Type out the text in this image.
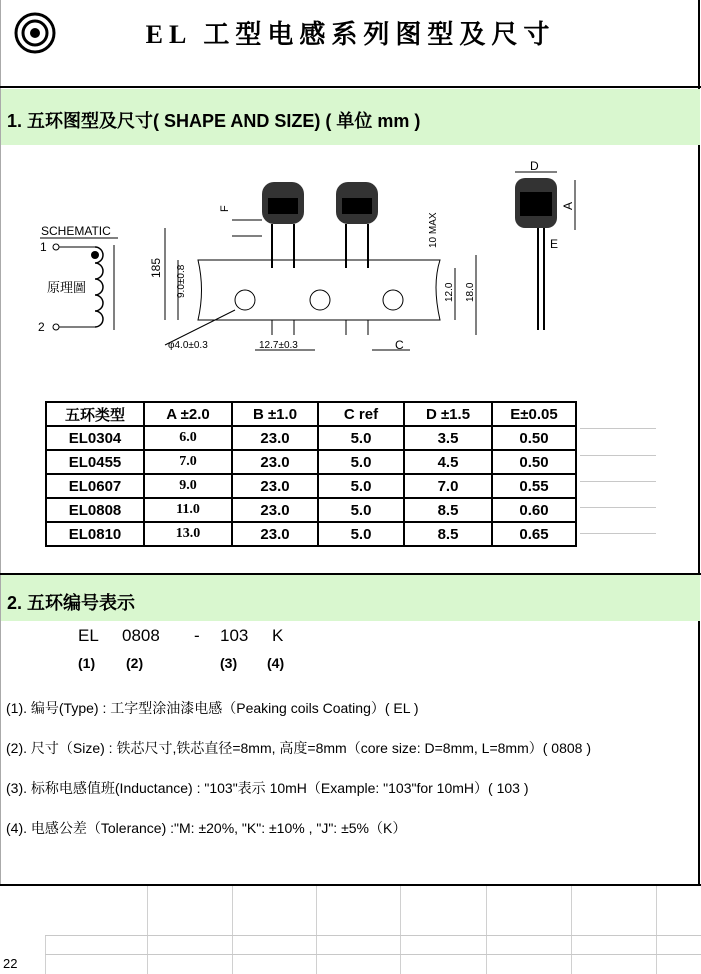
EL 工型电感系列图型及尺寸
1. 五环图型及尺寸( SHAPE AND SIZE) ( 单位 mm )
SCHEMATIC
1
原理圖
2
185 9.0±0.8
F
10 MAX
12.0 18.0
φ4.0±0.3	12.7±0.3	C
D
A
E
五环类型	A ±2.0	B ±1.0	C ref	D ±1.5	E±0.05
EL0304	6.0	23.0	5.0	3.5	0.50
EL0455	7.0	23.0	5.0	4.5	0.50
EL0607	9.0	23.0	5.0	7.0	0.55
EL0808	11.0	23.0	5.0	8.5	0.60
EL0810	13.0	23.0	5.0	8.5	0.65
2. 五环编号表示
EL 0808 - 103 K
(1) (2)	(3) (4)
(1). 编号(Type) : 工字型涂油漆电感（Peaking coils Coating）( EL )
(2). 尺寸（Size) : 铁芯尺寸,铁芯直径=8mm, 高度=8mm（core size: D=8mm, L=8mm）( 0808 )
(3). 标称电感值班(Inductance) : "103"表示 10mH（Example: "103"for 10mH）( 103 )
(4). 电感公差（Tolerance) :"M: ±20%, "K": ±10% , "J": ±5%（K）
22
